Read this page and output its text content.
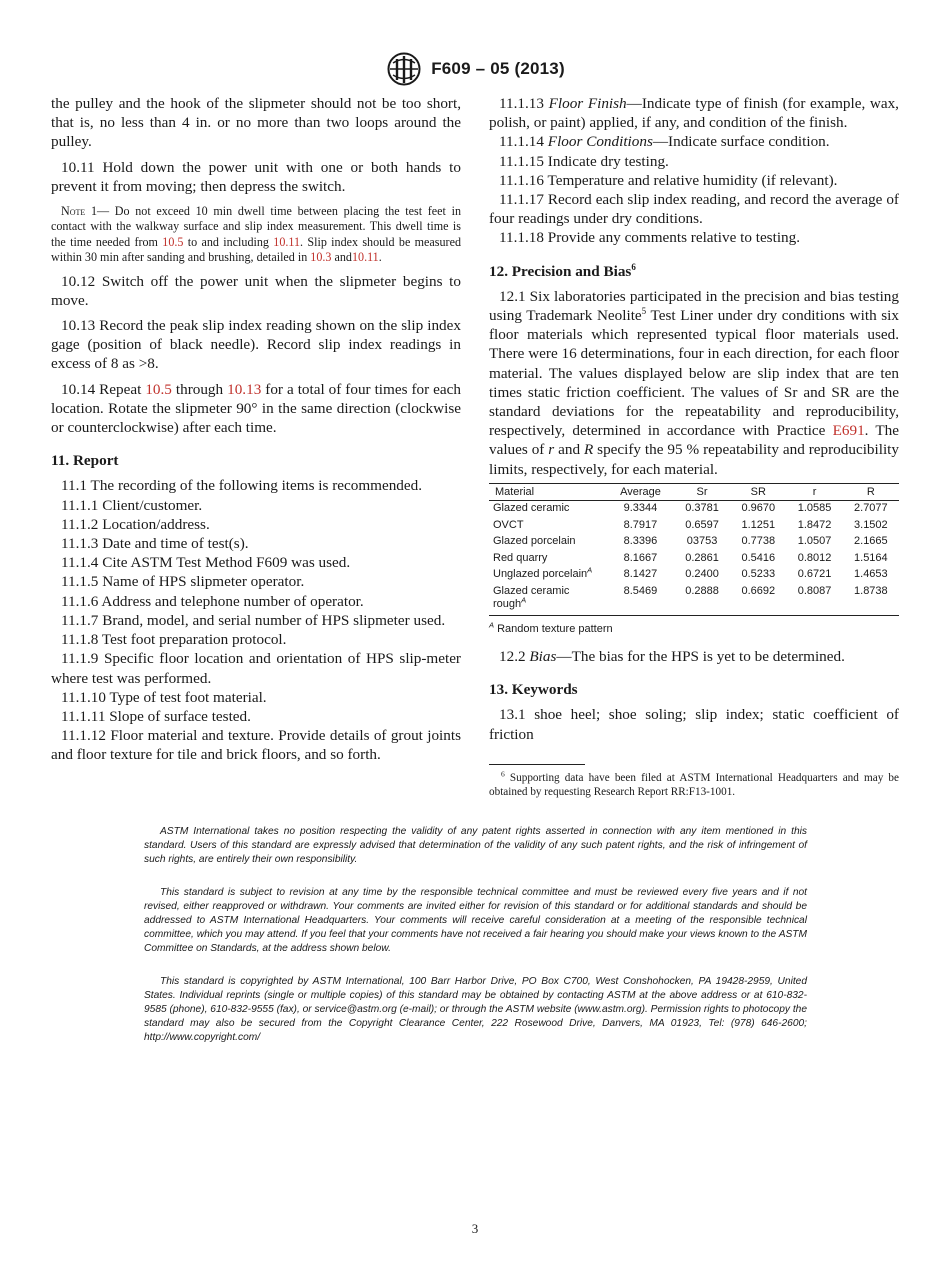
F609 – 05 (2013)

the pulley and the hook of the slipmeter should not be too short, that is, no less than 4 in. or no more than two loops around the pulley.

10.11 Hold down the power unit with one or both hands to prevent it from moving; then depress the switch.

Note 1— Do not exceed 10 min dwell time between placing the test feet in contact with the walkway surface and slip index measurement. This dwell time is the time needed from 10.5 to and including 10.11. Slip index should be measured within 30 min after sanding and brushing, detailed in 10.3 and10.11.

10.12 Switch off the power unit when the slipmeter begins to move.

10.13 Record the peak slip index reading shown on the slip index gage (position of black needle). Record slip index readings in excess of 8 as >8.

10.14 Repeat 10.5 through 10.13 for a total of four times for each location. Rotate the slipmeter 90° in the same direction (clockwise or counterclockwise) after each time.

11. Report

11.1 The recording of the following items is recommended.

11.1.1 Client/customer.

11.1.2 Location/address.

11.1.3 Date and time of test(s).

11.1.4 Cite ASTM Test Method F609 was used.

11.1.5 Name of HPS slipmeter operator.

11.1.6 Address and telephone number of operator.

11.1.7 Brand, model, and serial number of HPS slipmeter used.

11.1.8 Test foot preparation protocol.

11.1.9 Specific floor location and orientation of HPS slip-meter where test was performed.

11.1.10 Type of test foot material.

11.1.11 Slope of surface tested.

11.1.12 Floor material and texture. Provide details of grout joints and floor texture for tile and brick floors, and so forth.

11.1.13 Floor Finish—Indicate type of finish (for example, wax, polish, or paint) applied, if any, and condition of the finish.

11.1.14 Floor Conditions—Indicate surface condition.

11.1.15 Indicate dry testing.

11.1.16 Temperature and relative humidity (if relevant).

11.1.17 Record each slip index reading, and record the average of four readings under dry conditions.

11.1.18 Provide any comments relative to testing.

12. Precision and Bias$^6$

12.1 Six laboratories participated in the precision and bias testing using Trademark Neolite$^5$ Test Liner under dry conditions with six floor materials which represented typical floor materials used. There were 16 determinations, four in each direction, for each floor material. The values displayed below are slip index that are ten times static friction coefficient. The values of Sr and SR are the standard deviations for the repeatability and reproducibility, respectively, determined in accordance with Practice E691. The values of r and R specify the 95 % repeatability and reproducibility limits, respectively, for each material.

Material	Average	Sr	SR	r	R
Glazed ceramic	9.3344	0.3781	0.9670	1.0585	2.7077
OVCT	8.7917	0.6597	1.1251	1.8472	3.1502
Glazed porcelain	8.3396	03753	0.7738	1.0507	2.1665
Red quarry	8.1667	0.2861	0.5416	0.8012	1.5164
Unglazed porcelain$^A$	8.1427	0.2400	0.5233	0.6721	1.4653
Glazed ceramic rough$^A$	8.5469	0.2888	0.6692	0.8087	1.8738

$^A$ Random texture pattern

12.2 Bias—The bias for the HPS is yet to be determined.

13. Keywords

13.1 shoe heel; shoe soling; slip index; static coefficient of friction

$^6$ Supporting data have been filed at ASTM International Headquarters and may be obtained by requesting Research Report RR:F13-1001.

ASTM International takes no position respecting the validity of any patent rights asserted in connection with any item mentioned in this standard. Users of this standard are expressly advised that determination of the validity of any such patent rights, and the risk of infringement of such rights, are entirely their own responsibility.

This standard is subject to revision at any time by the responsible technical committee and must be reviewed every five years and if not revised, either reapproved or withdrawn. Your comments are invited either for revision of this standard or for additional standards and should be addressed to ASTM International Headquarters. Your comments will receive careful consideration at a meeting of the responsible technical committee, which you may attend. If you feel that your comments have not received a fair hearing you should make your views known to the ASTM Committee on Standards, at the address shown below.

This standard is copyrighted by ASTM International, 100 Barr Harbor Drive, PO Box C700, West Conshohocken, PA 19428-2959, United States. Individual reprints (single or multiple copies) of this standard may be obtained by contacting ASTM at the above address or at 610-832-9585 (phone), 610-832-9555 (fax), or service@astm.org (e-mail); or through the ASTM website (www.astm.org). Permission rights to photocopy the standard may also be secured from the Copyright Clearance Center, 222 Rosewood Drive, Danvers, MA 01923, Tel: (978) 646-2600; http://www.copyright.com/

3
